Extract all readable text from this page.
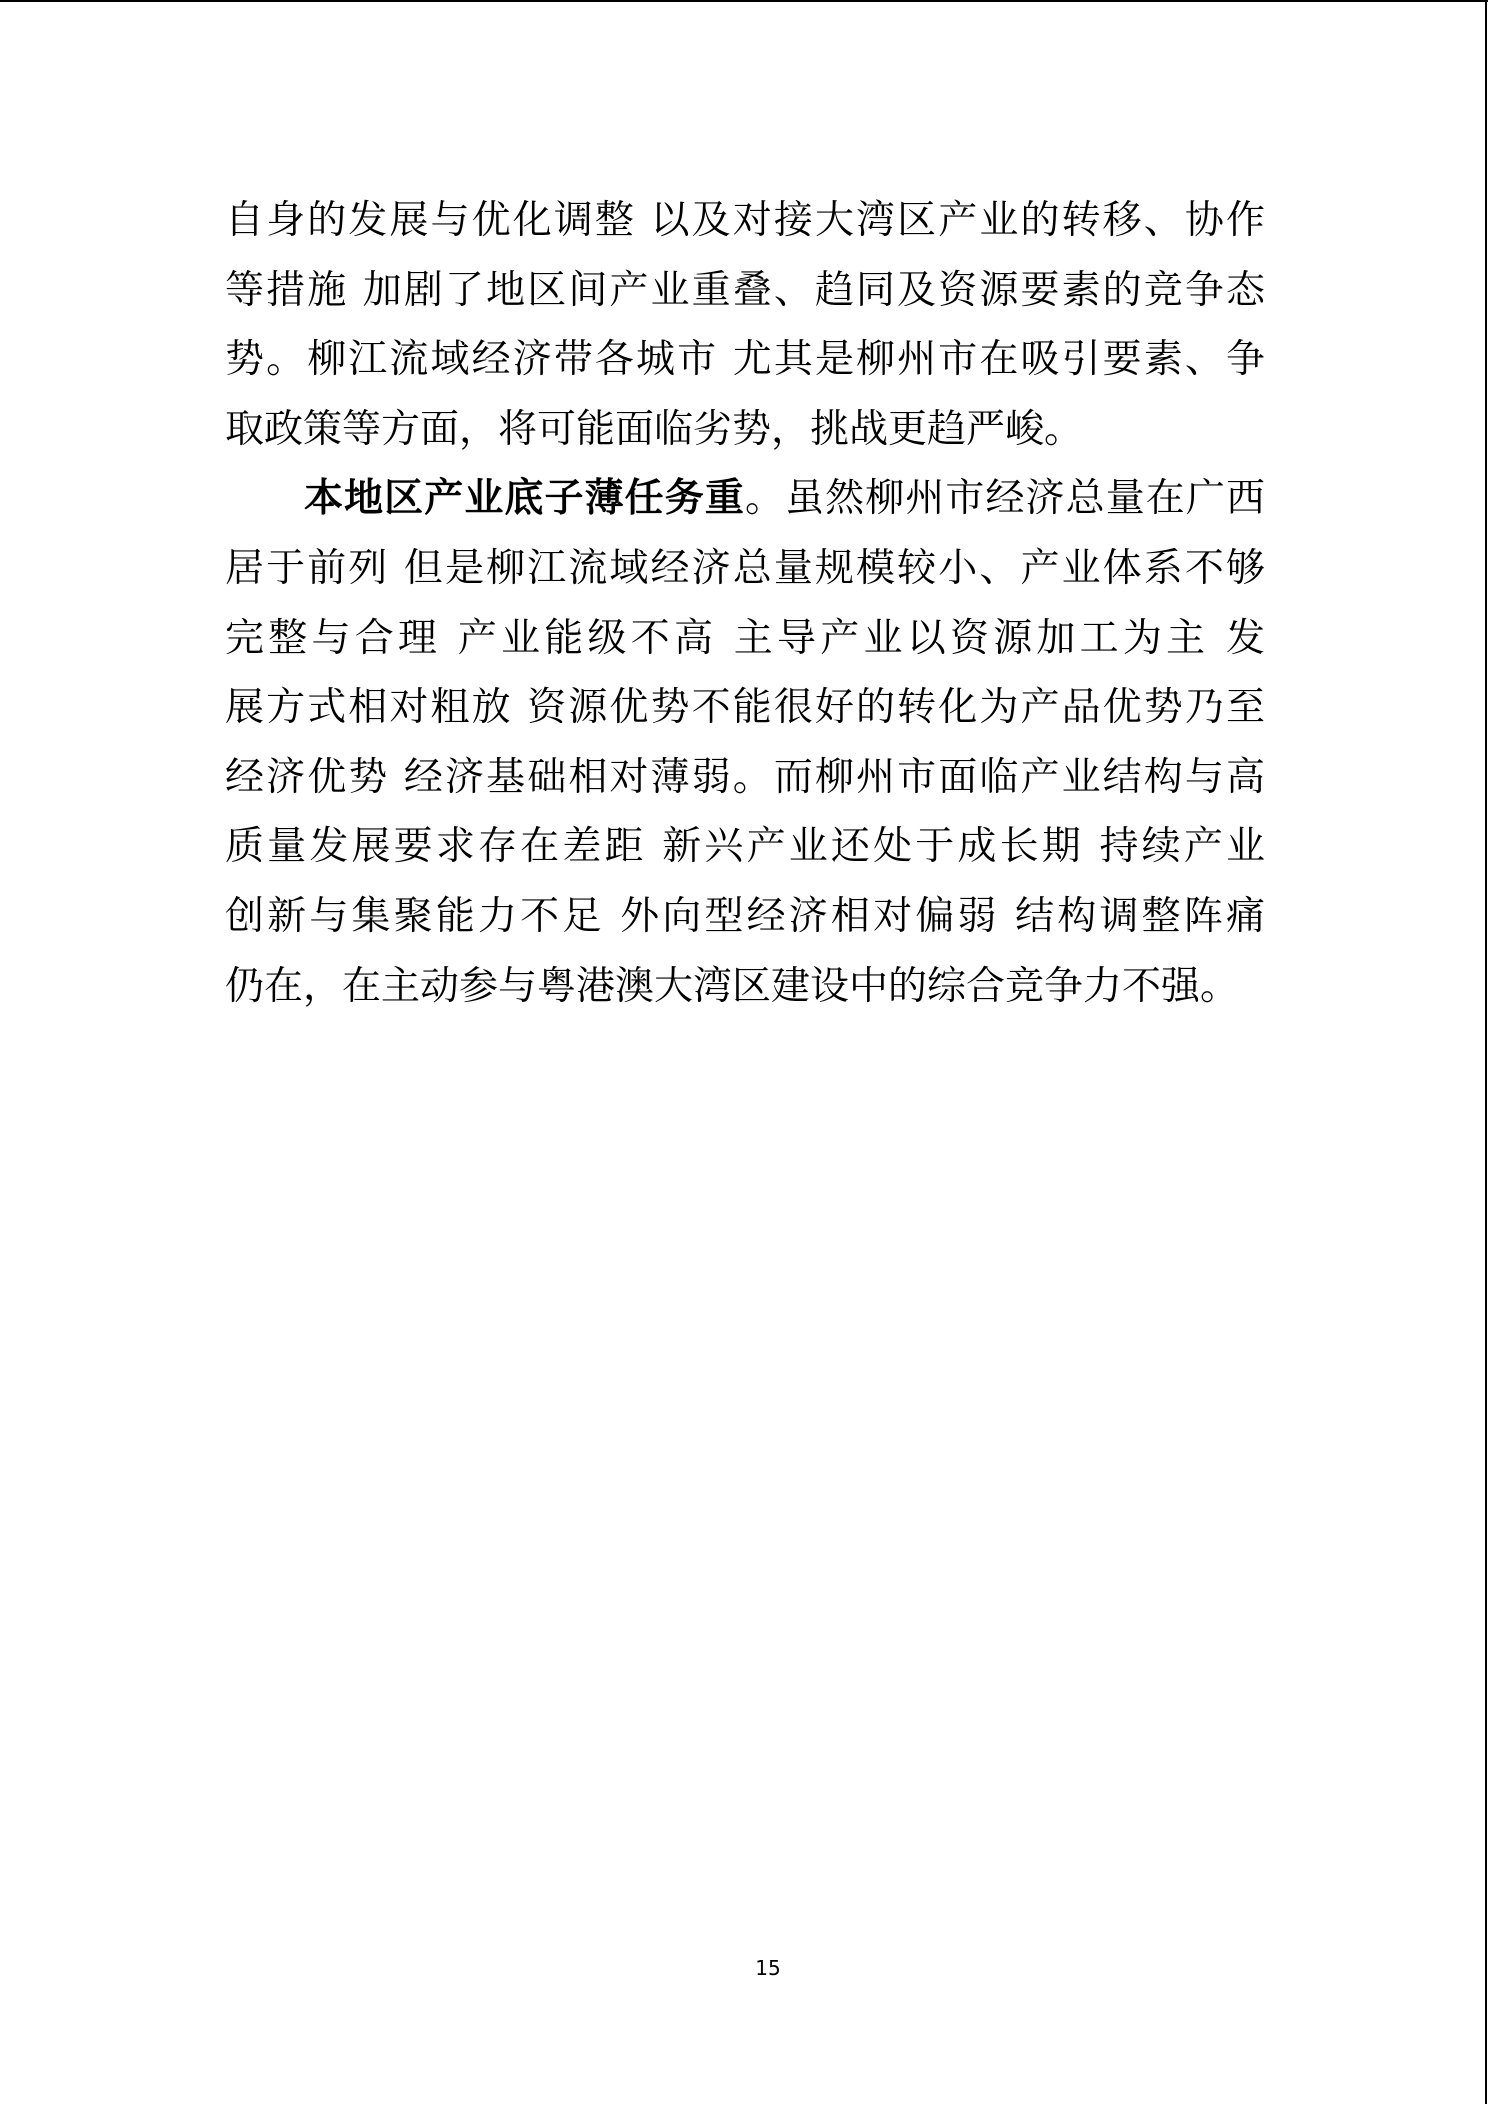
自身的发展与优化调整 以及对接大湾区产业的转移、协作
等措施 加剧了地区间产业重叠、趋同及资源要素的竞争态
势。柳江流域经济带各城市 尤其是柳州市在吸引要素、争
取政策等方面，将可能面临劣势，挑战更趋严峻。
本地区产业底子薄任务重。虽然柳州市经济总量在广西
居于前列 但是柳江流域经济总量规模较小、产业体系不够
完整与合理 产业能级不高 主导产业以资源加工为主 发
展方式相对粗放 资源优势不能很好的转化为产品优势乃至
经济优势 经济基础相对薄弱。而柳州市面临产业结构与高
质量发展要求存在差距 新兴产业还处于成长期 持续产业
创新与集聚能力不足 外向型经济相对偏弱 结构调整阵痛
仍在，在主动参与粤港澳大湾区建设中的综合竞争力不强。
15
